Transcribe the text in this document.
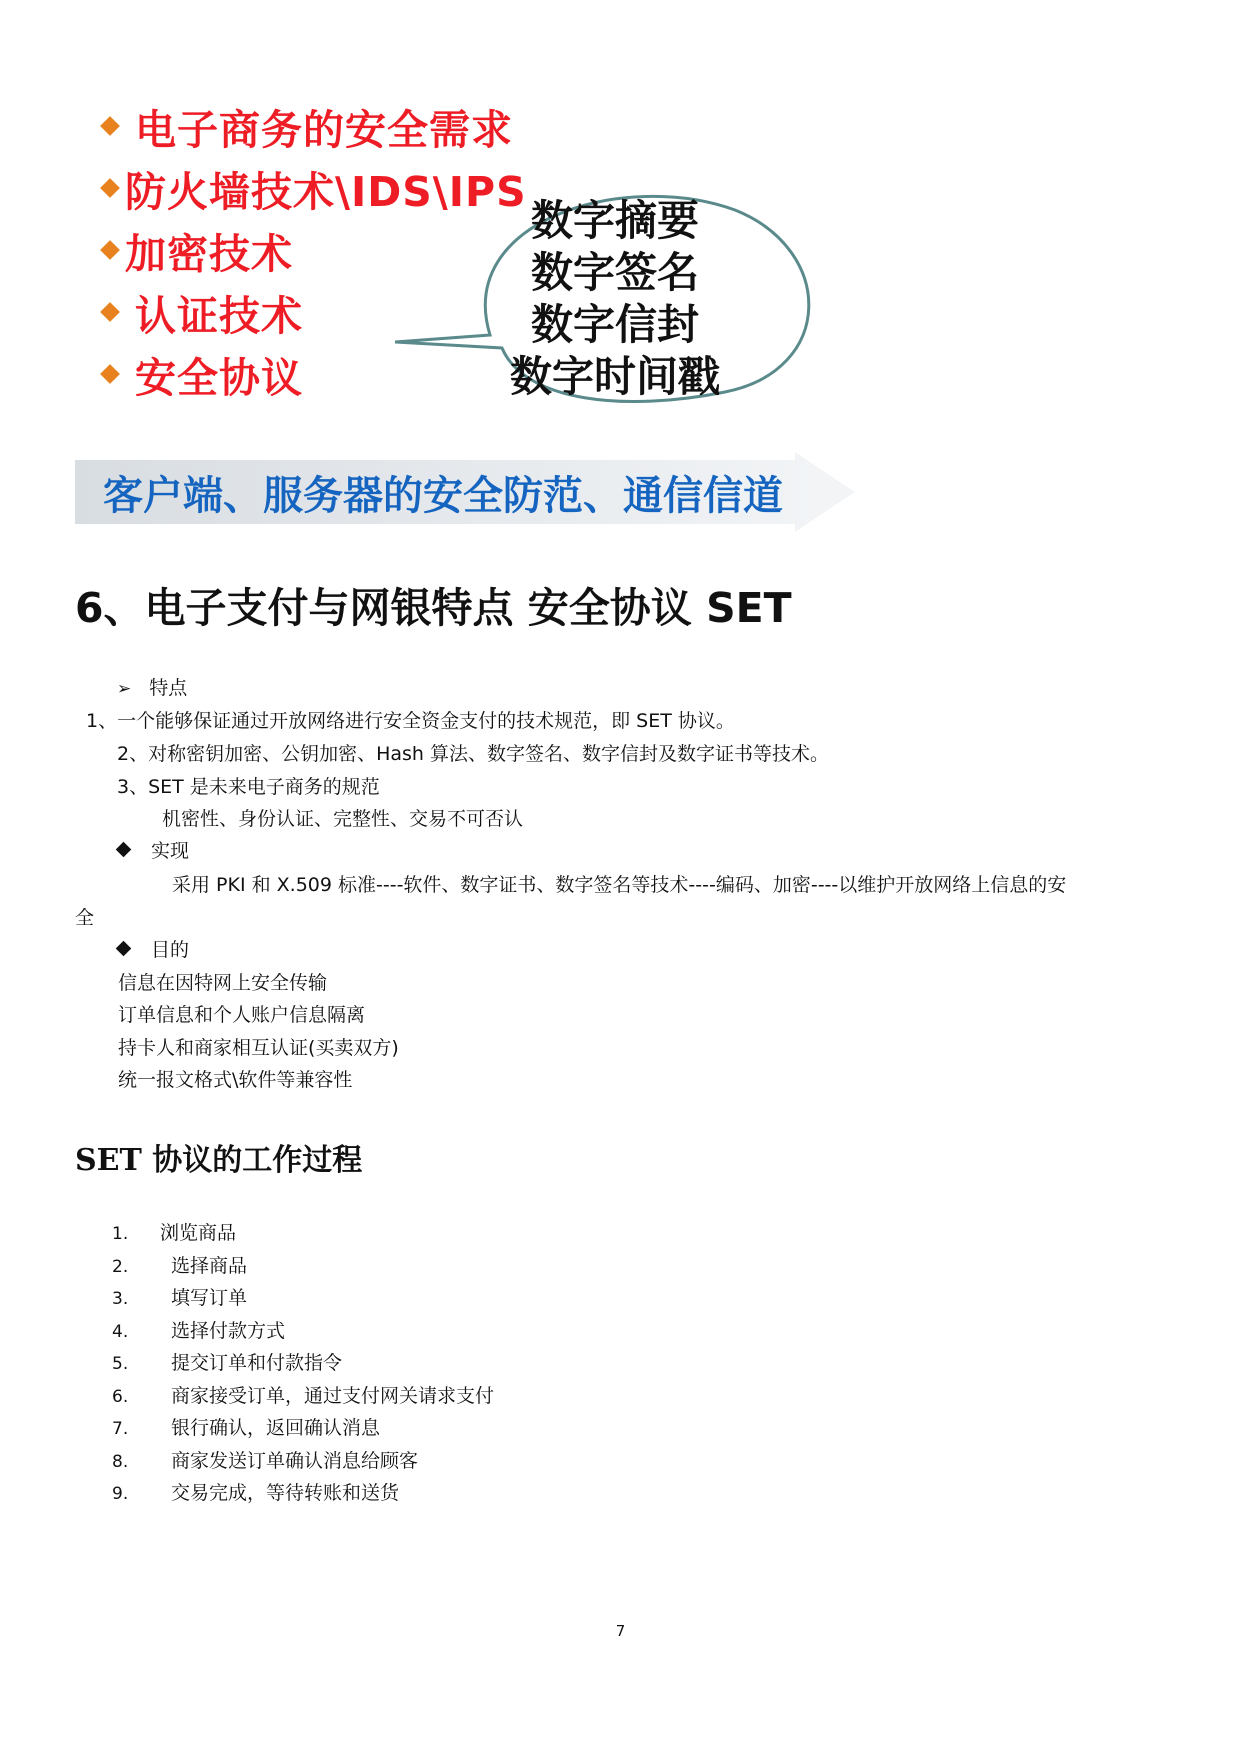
电子商务的安全需求
防火墙技术\IDS\IPS
加密技术
认证技术
安全协议
数字摘要
数字签名
数字信封
数字时间戳
客户端、服务器的安全防范、通信信道
6、电子支付与网银特点 安全协议 SET
➢ 特点
1、一个能够保证通过开放网络进行安全资金支付的技术规范，即 SET 协议。
2、对称密钥加密、公钥加密、Hash 算法、数字签名、数字信封及数字证书等技术。
3、SET 是未来电子商务的规范
机密性、身份认证、完整性、交易不可否认
实现
采用 PKI 和 X.509 标准----软件、数字证书、数字签名等技术----编码、加密----以维护开放网络上信息的安
全
目的
信息在因特网上安全传输
订单信息和个人账户信息隔离
持卡人和商家相互认证(买卖双方)
统一报文格式\软件等兼容性
SET 协议的工作过程
1. 浏览商品
2. 选择商品
3. 填写订单
4. 选择付款方式
5. 提交订单和付款指令
6. 商家接受订单，通过支付网关请求支付
7. 银行确认，返回确认消息
8. 商家发送订单确认消息给顾客
9. 交易完成，等待转账和送货
7
